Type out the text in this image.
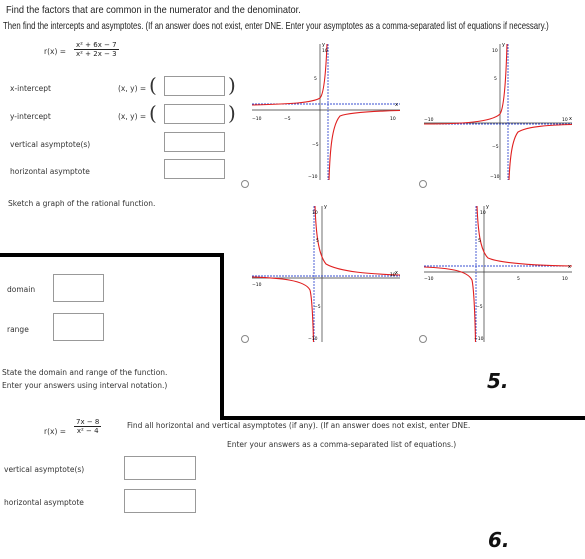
Find the factors that are common in the numerator and the denominator.
Then find the intercepts and asymptotes. (If an answer does not exist, enter DNE. Enter your asymptotes as a comma-separated list of equations if necessary.)
$r(x) = \frac{\text{x² + 6x − 7}}{\text{x² + 2x − 3}}$
x-intercept	(x, y) = (	)
y-intercept	(x, y) = (	)
vertical asymptote(s)
horizontal asymptote
Sketch a graph of the rational function.
y
10
5
−5
−10
−10	−5	10
x
y
10
5
−5
−10
−10	10 x
y
10
5
−5
−10
−10
10 x
y
10
5
−5
−10
−10	5	10
x
domain
range
State the domain and range of the function.
Enter your answers using interval notation.)	5.
$r(x) = \frac{7x - 8}{\text{x² − 4}}$	Find all horizontal and vertical asymptotes (if any). (If an answer does not exist, enter DNE.
Enter your answers as a comma-separated list of equations.)
vertical asymptote(s)
horizontal asymptote
6.
